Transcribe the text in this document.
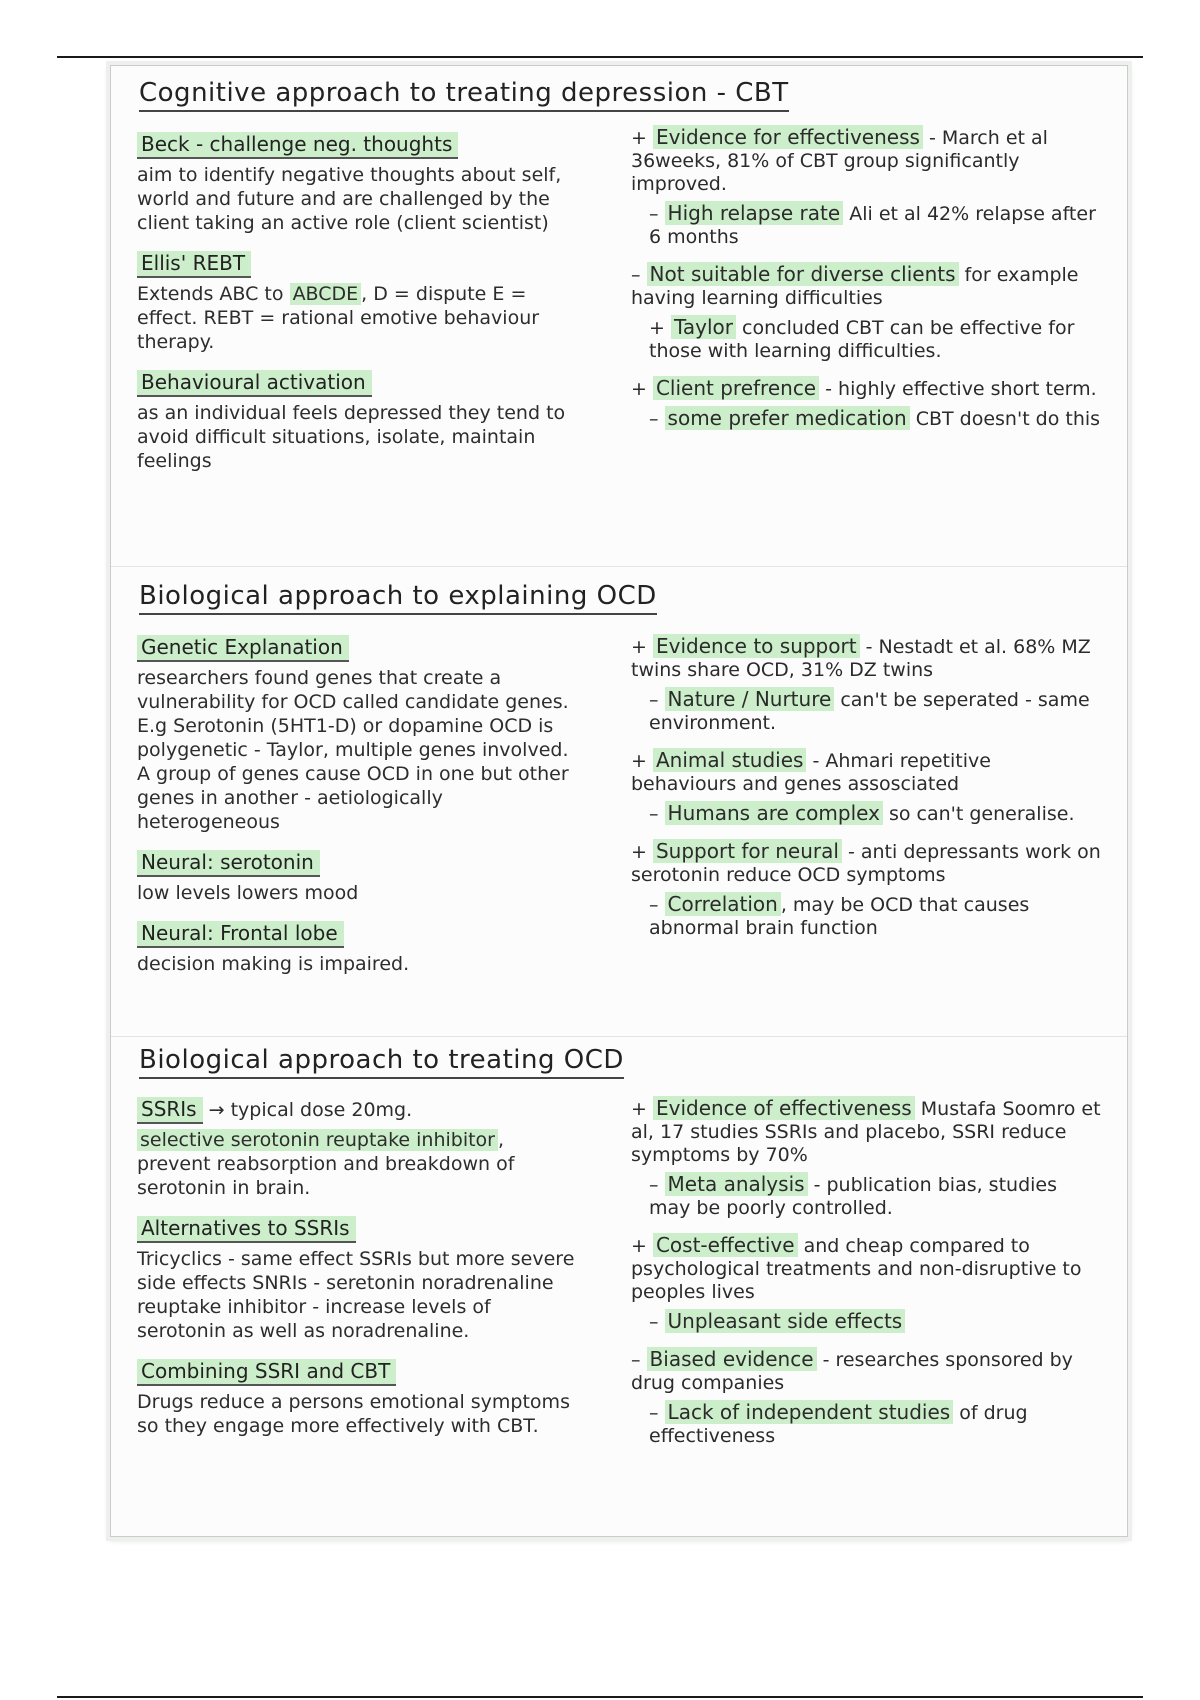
Cognitive approach to treating depression - CBT
Beck - challenge neg. thoughts

aim to identify negative thoughts about self, world and future and are challenged by the client taking an active role (client scientist)

Ellis' REBT

Extends ABC to ABCDE , D = dispute E = effect. REBT = rational emotive behaviour therapy.

Behavioural activation

as an individual feels depressed they tend to avoid difficult situations, isolate, maintain feelings

+ Evidence for effectiveness - March et al 36weeks, 81% of CBT group significantly improved.
– High relapse rate Ali et al 42% relapse after 6 months
– Not suitable for diverse clients for example having learning difficulties
+ Taylor concluded CBT can be effective for those with learning difficulties.
+ Client prefrence - highly effective short term.
– some prefer medication CBT doesn't do this
Biological approach to explaining OCD
Genetic Explanation

researchers found genes that create a vulnerability for OCD called candidate genes. E.g Serotonin (5HT1-D) or dopamine OCD is polygenetic - Taylor, multiple genes involved. A group of genes cause OCD in one but other genes in another - aetiologically heterogeneous

Neural: serotonin

low levels lowers mood

Neural: Frontal lobe

decision making is impaired.

+ Evidence to support - Nestadt et al. 68% MZ twins share OCD, 31% DZ twins
– Nature / Nurture can't be seperated - same environment.
+ Animal studies - Ahmari repetitive behaviours and genes assosciated
– Humans are complex so can't generalise.
+ Support for neural - anti depressants work on serotonin reduce OCD symptoms
– Correlation , may be OCD that causes abnormal brain function
Biological approach to treating OCD
SSRIs → typical dose 20mg.

selective serotonin reuptake inhibitor , prevent reabsorption and breakdown of serotonin in brain.

Alternatives to SSRIs

Tricyclics - same effect SSRIs but more severe side effects SNRIs - seretonin noradrenaline reuptake inhibitor - increase levels of serotonin as well as noradrenaline.

Combining SSRI and CBT

Drugs reduce a persons emotional symptoms so they engage more effectively with CBT.

+ Evidence of effectiveness Mustafa Soomro et al, 17 studies SSRIs and placebo, SSRI reduce symptoms by 70%
– Meta analysis - publication bias, studies may be poorly controlled.
+ Cost-effective and cheap compared to psychological treatments and non-disruptive to peoples lives
– Unpleasant side effects
– Biased evidence - researches sponsored by drug companies
– Lack of independent studies of drug effectiveness
